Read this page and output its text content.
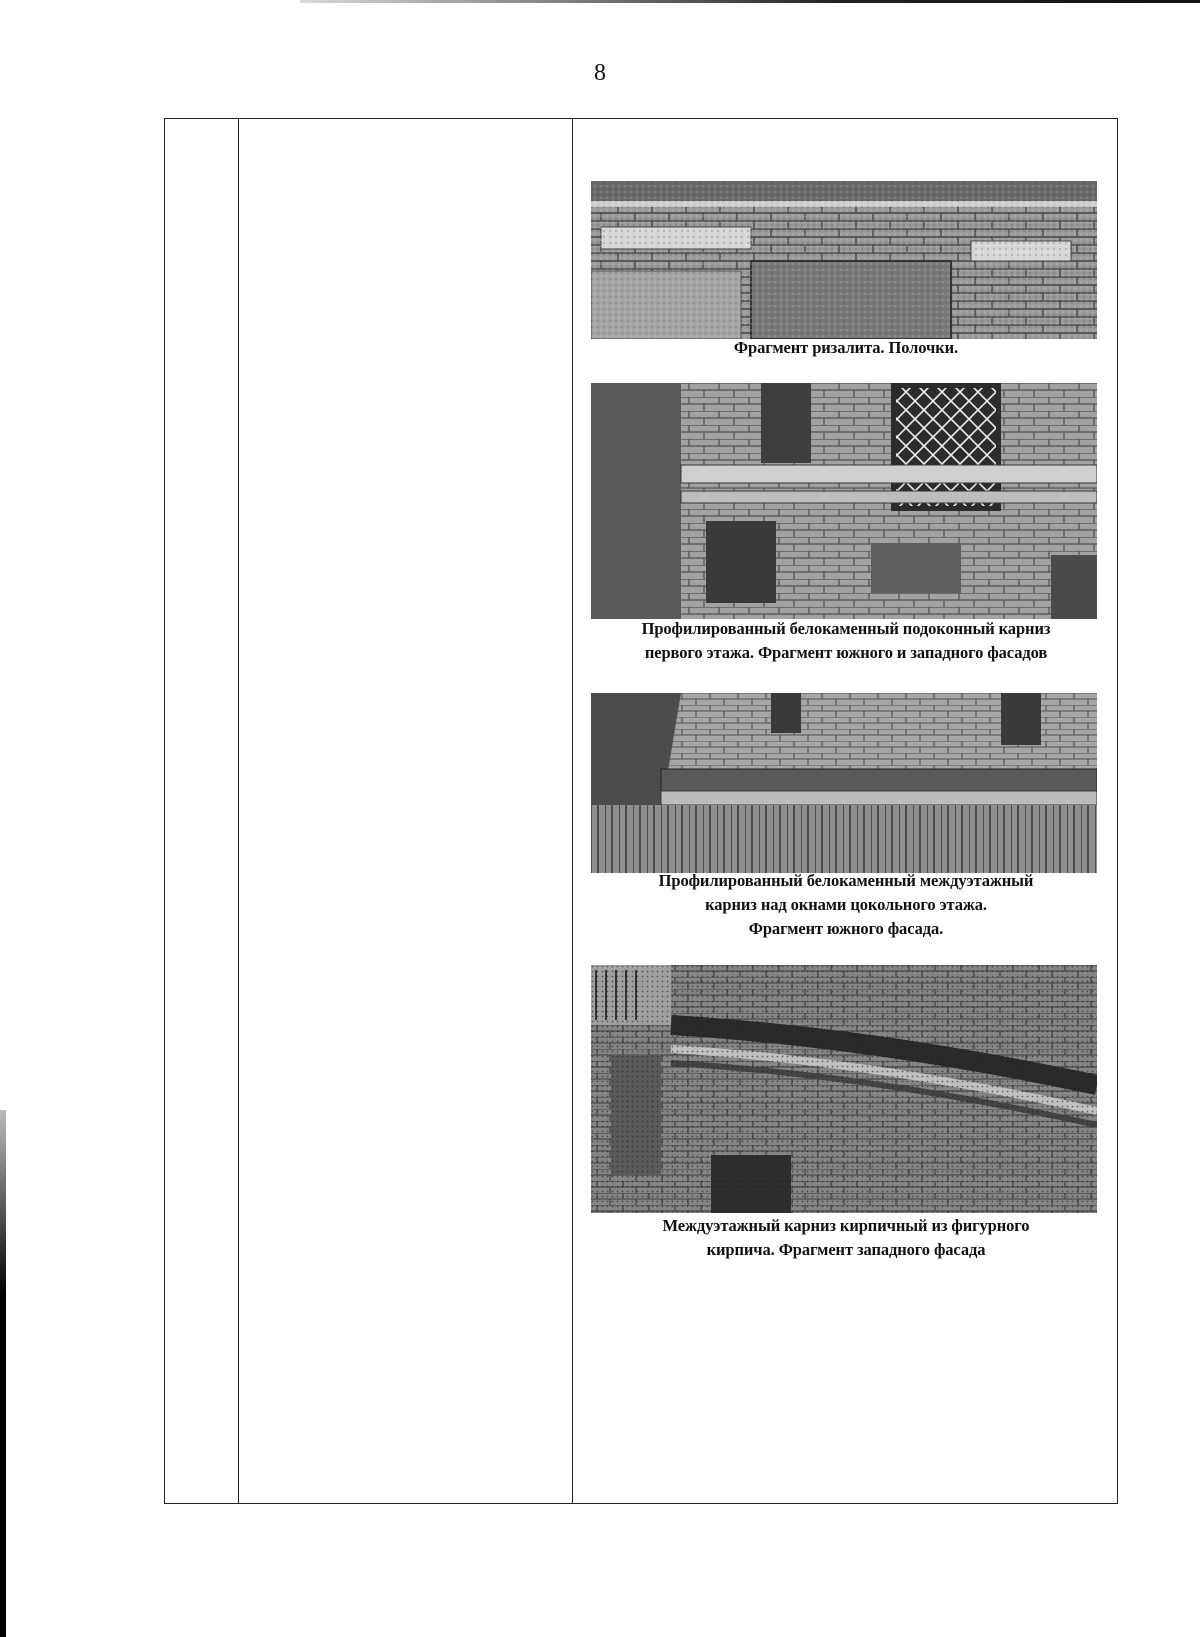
8
Фрагмент ризалита. Полочки.
Профилированный белокаменный подоконный карниз
первого этажа. Фрагмент южного и западного фасадов
Профилированный белокаменный междуэтажный
карниз над окнами цокольного этажа.
Фрагмент южного фасада.
Междуэтажный карниз кирпичный из фигурного
кирпича. Фрагмент западного фасада
